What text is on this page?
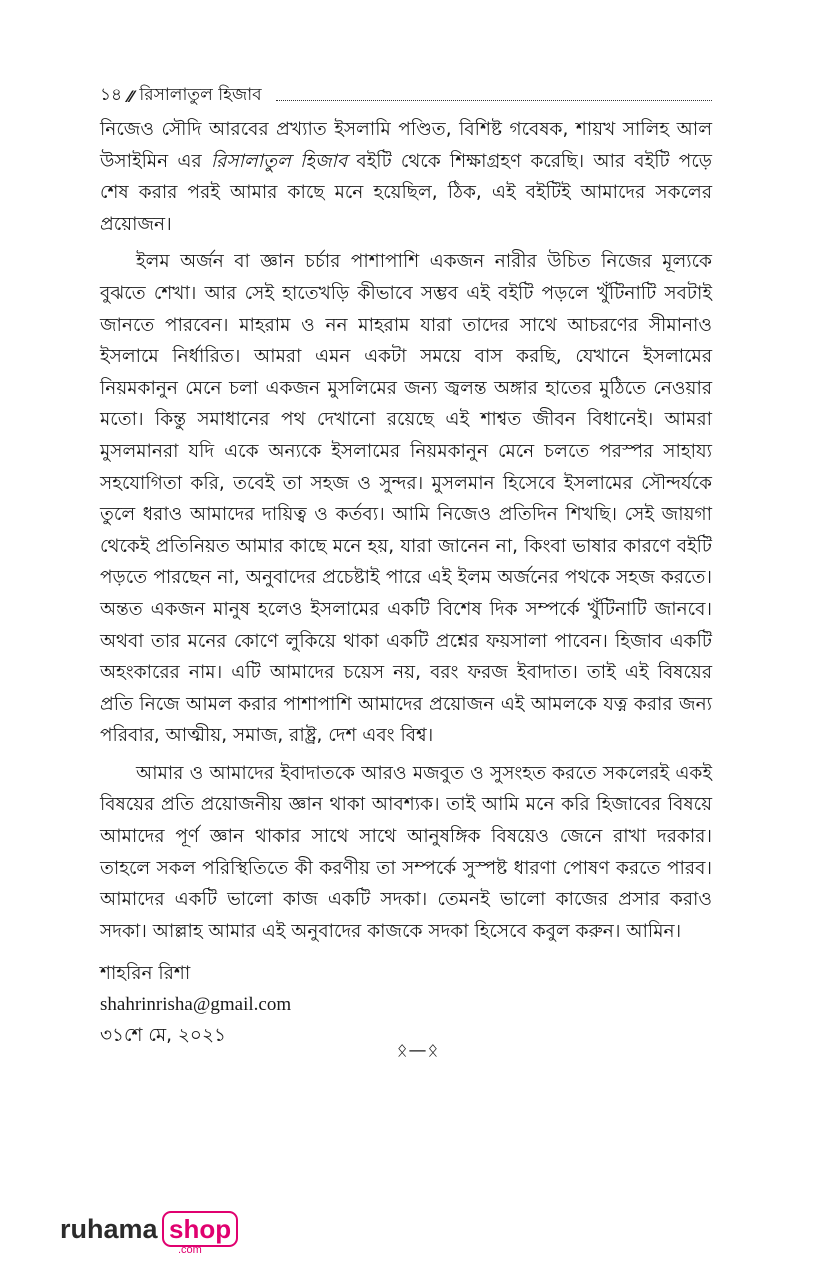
১৪ ⁄⁄ রিসালাতুল হিজাব

নিজেও সৌদি আরবের প্রখ্যাত ইসলামি পণ্ডিত, বিশিষ্ট গবেষক, শায়খ সালিহ আল উসাইমিন এর রিসালাতুল হিজাব বইটি থেকে শিক্ষাগ্রহণ করেছি। আর বইটি পড়ে শেষ করার পরই আমার কাছে মনে হয়েছিল, ঠিক, এই বইটিই আমাদের সকলের প্রয়োজন।

ইলম অর্জন বা জ্ঞান চর্চার পাশাপাশি একজন নারীর উচিত নিজের মূল্যকে বুঝতে শেখা। আর সেই হাতেখড়ি কীভাবে সম্ভব এই বইটি পড়লে খুঁটিনাটি সবটাই জানতে পারবেন। মাহরাম ও নন মাহরাম যারা তাদের সাথে আচরণের সীমানাও ইসলামে নির্ধারিত। আমরা এমন একটা সময়ে বাস করছি, যেখানে ইসলামের নিয়মকানুন মেনে চলা একজন মুসলিমের জন্য জ্বলন্ত অঙ্গার হাতের মুঠিতে নেওয়ার মতো। কিন্তু সমাধানের পথ দেখানো রয়েছে এই শাশ্বত জীবন বিধানেই। আমরা মুসলমানরা যদি একে অন্যকে ইসলামের নিয়মকানুন মেনে চলতে পরস্পর সাহায্য সহযোগিতা করি, তবেই তা সহজ ও সুন্দর। মুসলমান হিসেবে ইসলামের সৌন্দর্যকে তুলে ধরাও আমাদের দায়িত্ব ও কর্তব্য। আমি নিজেও প্রতিদিন শিখছি। সেই জায়গা থেকেই প্রতিনিয়ত আমার কাছে মনে হয়, যারা জানেন না, কিংবা ভাষার কারণে বইটি পড়তে পারছেন না, অনুবাদের প্রচেষ্টাই পারে এই ইলম অর্জনের পথকে সহজ করতে। অন্তত একজন মানুষ হলেও ইসলামের একটি বিশেষ দিক সম্পর্কে খুঁটিনাটি জানবে। অথবা তার মনের কোণে লুকিয়ে থাকা একটি প্রশ্নের ফয়সালা পাবেন। হিজাব একটি অহংকারের নাম। এটি আমাদের চয়েস নয়, বরং ফরজ ইবাদাত। তাই এই বিষয়ের প্রতি নিজে আমল করার পাশাপাশি আমাদের প্রয়োজন এই আমলকে যত্ন করার জন্য পরিবার, আত্মীয়, সমাজ, রাষ্ট্র, দেশ এবং বিশ্ব।

আমার ও আমাদের ইবাদাতকে আরও মজবুত ও সুসংহত করতে সকলেরই একই বিষয়ের প্রতি প্রয়োজনীয় জ্ঞান থাকা আবশ্যক। তাই আমি মনে করি হিজাবের বিষয়ে আমাদের পূর্ণ জ্ঞান থাকার সাথে সাথে আনুষঙ্গিক বিষয়েও জেনে রাখা দরকার। তাহলে সকল পরিস্থিতিতে কী করণীয় তা সম্পর্কে সুস্পষ্ট ধারণা পোষণ করতে পারব। আমাদের একটি ভালো কাজ একটি সদকা। তেমনই ভালো কাজের প্রসার করাও সদকা। আল্লাহ আমার এই অনুবাদের কাজকে সদকা হিসেবে কবুল করুন। আমিন।

শাহরিন রিশা
shahrinrisha@gmail.com
৩১শে মে, ২০২১
ᛟ—ᛟ
ruhama shop
.com
